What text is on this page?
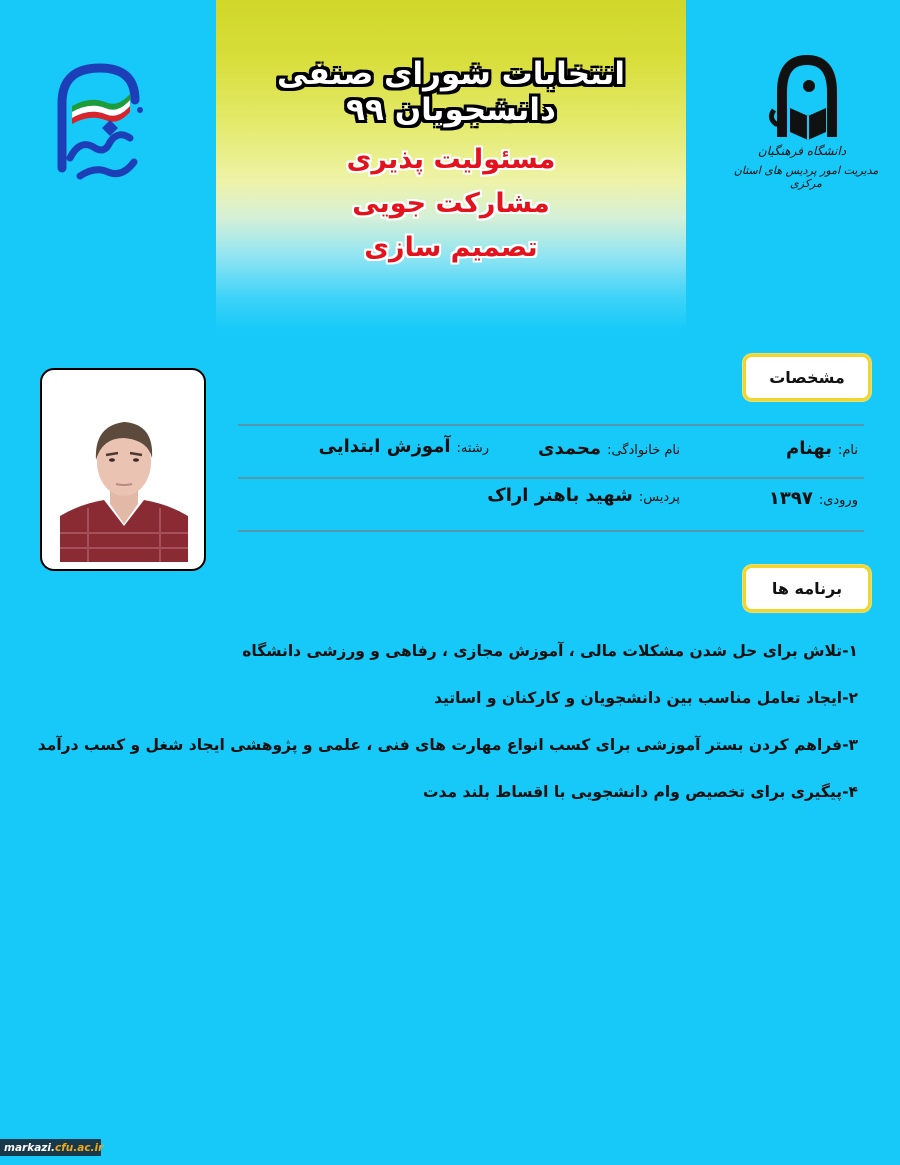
انتخابات شورای صنفی دانشجویان ۹۹
مسئولیت پذیری
مشارکت جویی
تصمیم سازی
دانشگاه فرهنگیان
مدیریت امور پردیس های استان مرکزی
مشخصات
نام:بهنام
نام خانوادگی:محمدی
رشته:آموزش ابتدایی
ورودی:۱۳۹۷
پردیس:شهید باهنر اراک
برنامه ها
۱-تلاش برای حل شدن مشکلات مالی ، آموزش مجازی ، رفاهی و ورزشی دانشگاه
۲-ایجاد تعامل مناسب بین دانشجویان و کارکنان و اساتید
۳-فراهم کردن بستر آموزشی برای کسب انواع مهارت های فنی ، علمی و پژوهشی ایجاد شغل و کسب درآمد
۴-پیگیری برای تخصیص وام دانشجویی با اقساط بلند مدت
markazi. cfu.ac.ir
